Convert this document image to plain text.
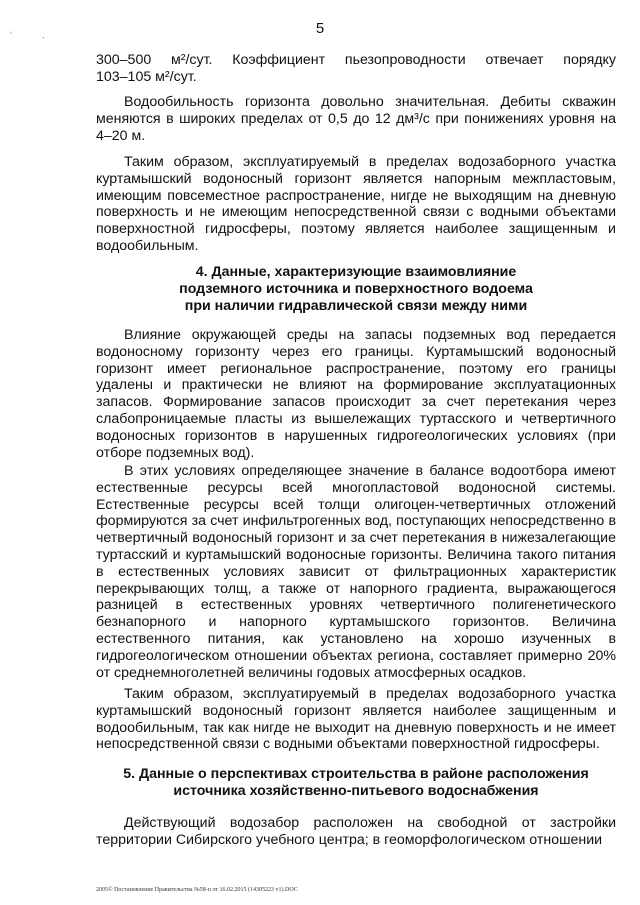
‘
`
5

300–500 м²/сут. Коэффициент пьезопроводности отвечает порядку

103–105 м²/сут.

Водообильность горизонта довольно значительная. Дебиты скважин меняются в широких пределах от 0,5 до 12 дм³/с при понижениях уровня на 4–20 м.

Таким образом, эксплуатируемый в пределах водозаборного участка куртамышский водоносный горизонт является напорным межпластовым, имеющим повсеместное распространение, нигде не выходящим на дневную поверхность и не имеющим непосредственной связи с водными объектами поверхностной гидросферы, поэтому является наиболее защищенным и водообильным.

4. Данные, характеризующие взаимовлияние

подземного источника и поверхностного водоема

при наличии гидравлической связи между ними

Влияние окружающей среды на запасы подземных вод передается водоносному горизонту через его границы. Куртамышский водоносный горизонт имеет региональное распространение, поэтому его границы удалены и практически не влияют на формирование эксплуатационных запасов. Формирование запасов происходит за счет перетекания через слабопроницаемые пласты из вышележащих туртасского и четвертичного водоносных горизонтов в нарушенных гидрогеологических условиях (при отборе подземных вод).

В этих условиях определяющее значение в балансе водоотбора имеют естественные ресурсы всей многопластовой водоносной системы. Естественные ресурсы всей толщи олигоцен-четвертичных отложений формируются за счет инфильтрогенных вод, поступающих непосредственно в четвертичный водоносный горизонт и за счет перетекания в нижезалегающие туртасский и куртамышский водоносные горизонты. Величина такого питания в естественных условиях зависит от фильтрационных характеристик перекрывающих толщ, а также от напорного градиента, выражающегося разницей в естественных уровнях четвертичного полигенетического безнапорного и напорного куртамышского горизонтов. Величина естественного питания, как установлено на хорошо изученных в гидрогеологическом отношении объектах региона, составляет примерно 20% от среднемноголетней величины годовых атмосферных осадков.

Таким образом, эксплуатируемый в пределах водозаборного участка куртамышский водоносный горизонт является наиболее защищенным и водообильным, так как нигде не выходит на дневную поверхность и не имеет непосредственной связи с водными объектами поверхностной гидросферы.

5. Данные о перспективах строительства в районе расположения

источника хозяйственно-питьевого водоснабжения

Действующий водозабор расположен на свободной от застройки территории Сибирского учебного центра; в геоморфологическом отношении

2005© Постановление Правительства №58-п от 16.02.2015 (14305223 v1).DOC
